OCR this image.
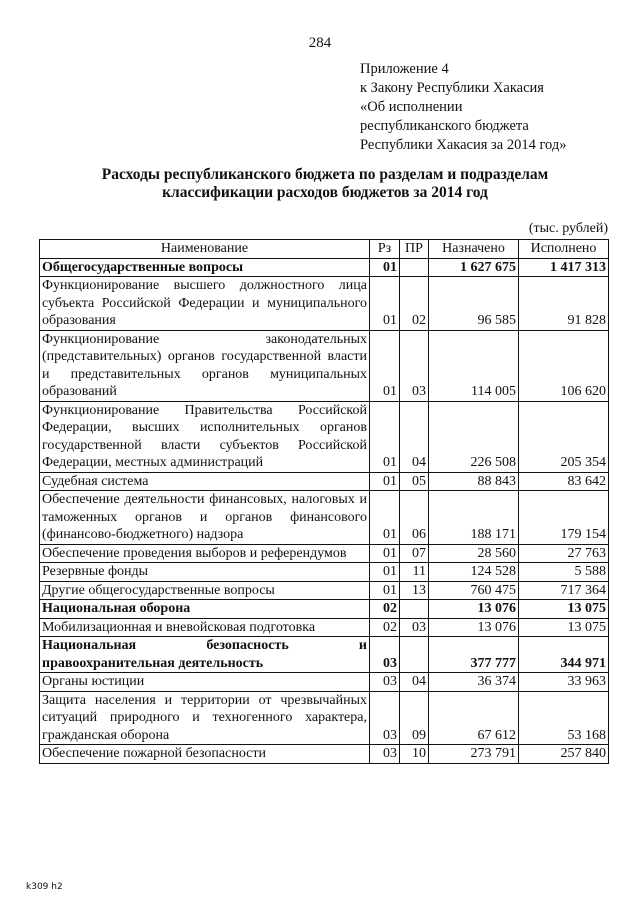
284
Приложение 4
к Закону Республики Хакасия
«Об исполнении
республиканского бюджета
Республики Хакасия за 2014 год»
Расходы республиканского бюджета по разделам и подразделам
классификации расходов бюджетов за 2014 год
(тыс. рублей)
Наименование	Рз	ПР	Назначено	Исполнено
Общегосударственные вопросы	01		1 627 675	1 417 313
Функционирование высшего должностного лица субъекта Российской Федерации и муниципального образования	01	02	96 585	91 828
Функционирование законодательных (представительных) органов государственной власти и представительных органов муниципальных образований	01	03	114 005	106 620
Функционирование Правительства Российской Федерации, высших исполнительных органов государственной власти субъектов Российской Федерации, местных администраций	01	04	226 508	205 354
Судебная система	01	05	88 843	83 642
Обеспечение деятельности финансовых, налоговых и таможенных органов и органов финансового (финансово-бюджетного) надзора	01	06	188 171	179 154
Обеспечение проведения выборов и референдумов	01	07	28 560	27 763
Резервные фонды	01	11	124 528	5 588
Другие общегосударственные вопросы	01	13	760 475	717 364
Национальная оборона	02		13 076	13 075
Мобилизационная и вневойсковая подготовка	02	03	13 076	13 075
Национальная безопасность и правоохранительная деятельность	03		377 777	344 971
Органы юстиции	03	04	36 374	33 963
Защита населения и территории от чрезвычайных ситуаций природного и техногенного характера, гражданская оборона	03	09	67 612	53 168
Обеспечение пожарной безопасности	03	10	273 791	257 840
k309 h2
